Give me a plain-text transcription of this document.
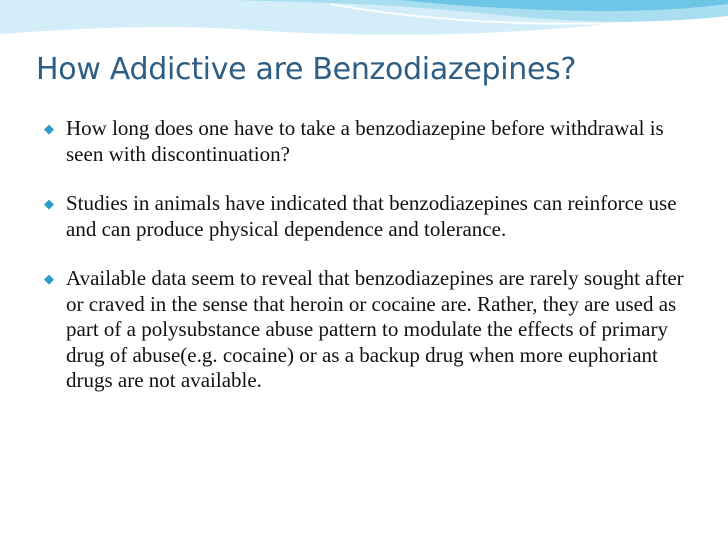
How Addictive are Benzodiazepines?
◆ How long does one have to take a benzodiazepine before withdrawal is seen with discontinuation?
◆ Studies in animals have indicated that benzodiazepines can reinforce use and can produce physical dependence and tolerance.
◆ Available data seem to reveal that benzodiazepines are rarely sought after or craved in the sense that heroin or cocaine are. Rather, they are used as part of a polysubstance abuse pattern to modulate the effects of primary drug of abuse(e.g. cocaine) or as a backup drug when more euphoriant drugs are not available.
